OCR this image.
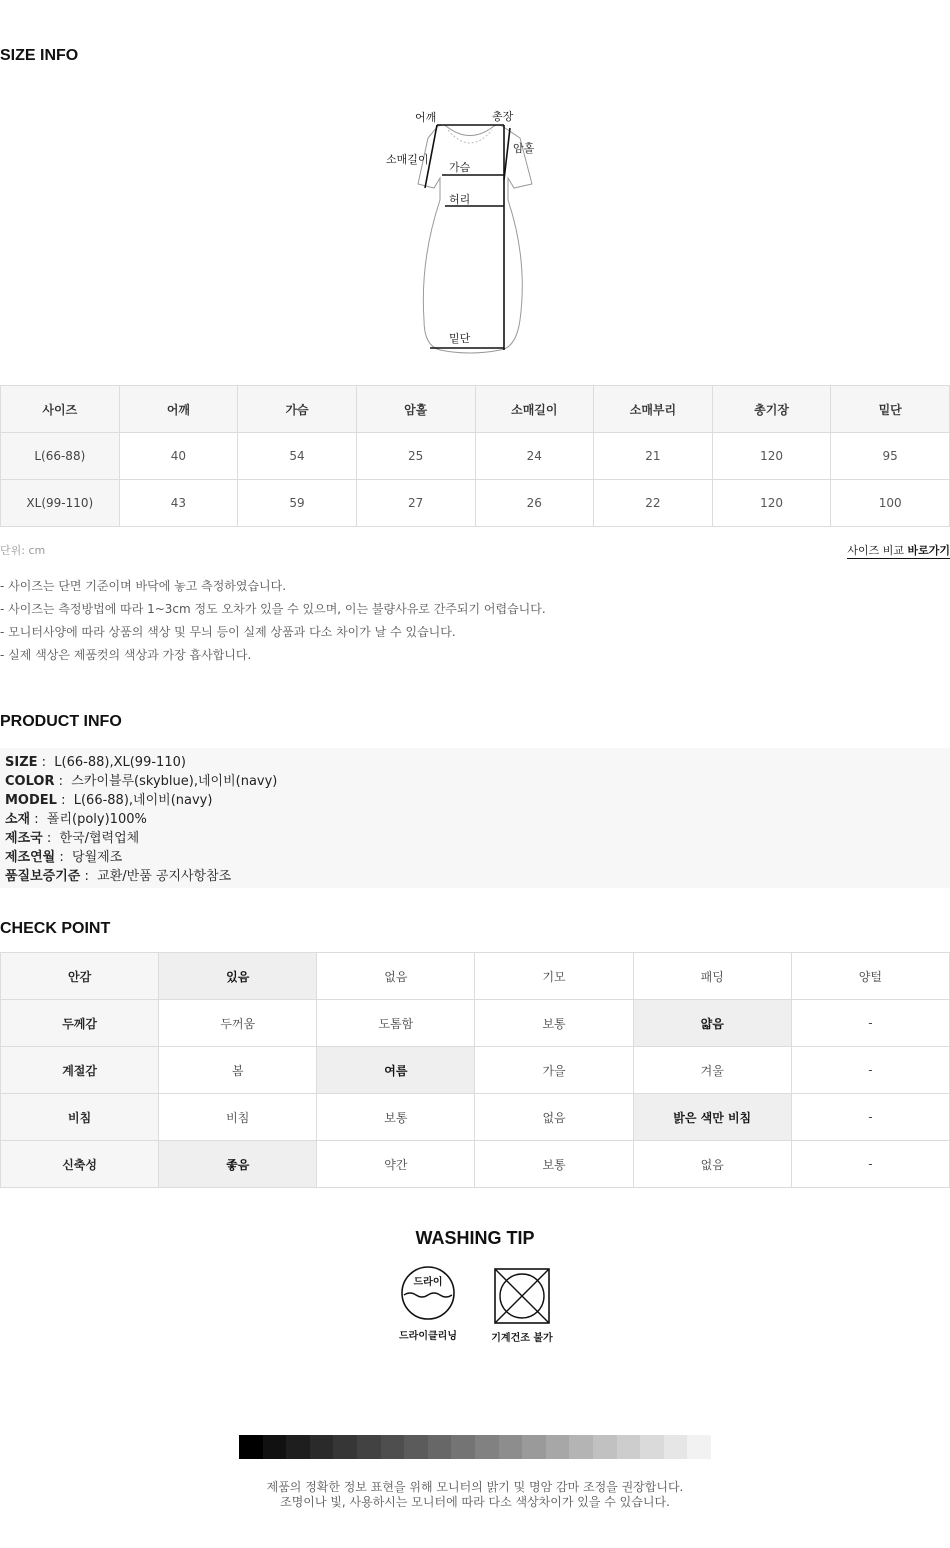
SIZE INFO
어깨	총장
소매길이
암홀
가슴
허리
밑단
사이즈	어깨	가슴	암홀	소매길이	소매부리	총기장	밑단
L(66-88)	40	54	25	24	21	120	95
XL(99-110)	43	59	27	26	22	120	100
단위: cm	사이즈 비교 바로가기
- 사이즈는 단면 기준이며 바닥에 놓고 측정하였습니다.
- 사이즈는 측정방법에 따라 1~3cm 정도 오차가 있을 수 있으며, 이는 불량사유로 간주되기 어렵습니다.
- 모니터사양에 따라 상품의 색상 및 무늬 등이 실제 상품과 다소 차이가 날 수 있습니다.
- 실제 색상은 제품컷의 색상과 가장 흡사합니다.
PRODUCT INFO
SIZE :  L(66-88),XL(99-110)
COLOR :  스카이블루(skyblue),네이비(navy)
MODEL :  L(66-88),네이비(navy)
소재 :  폴리(poly)100%
제조국 :  한국/협력업체
제조연월 :  당월제조
품질보증기준 :  교환/반품 공지사항참조
CHECK POINT
안감	있음	없음	기모	패딩	양털
두께감	두꺼움	도톰함	보통	얇음	-
계절감	봄	여름	가을	겨울	-
비침	비침	보통	없음	밝은 색만 비침	-
신축성	좋음	약간	보통	없음	-
WASHING TIP
드라이
드라이클리닝	기계건조 불가
제품의 정확한 정보 표현을 위해 모니터의 밝기 및 명암 감마 조정을 권장합니다.
조명이나 빛, 사용하시는 모니터에 따라 다소 색상차이가 있을 수 있습니다.
